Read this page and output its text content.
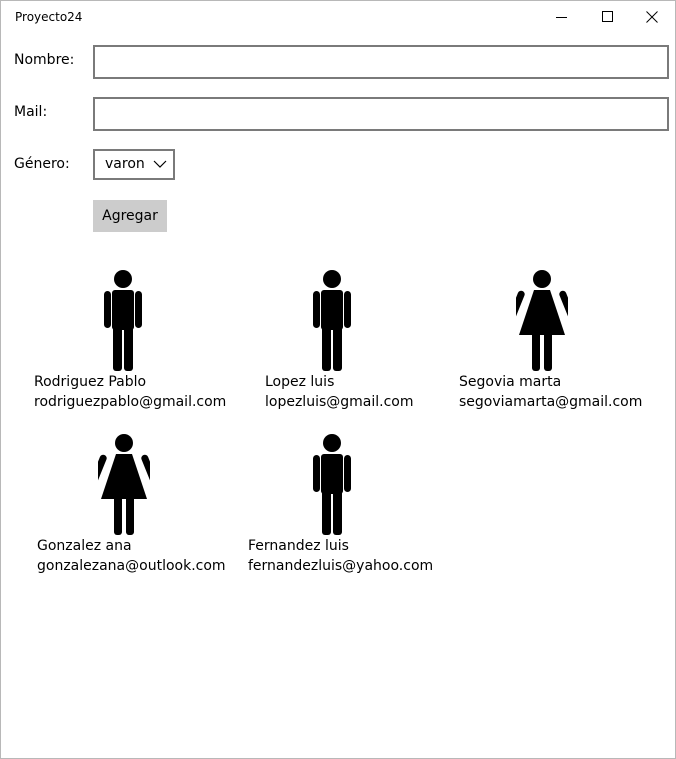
Proyecto24
Nombre:
Mail:
Género:	varon
Agregar
Rodriguez Pablo
rodriguezpablo@gmail.com
Lopez luis
lopezluis@gmail.com
Segovia marta
segoviamarta@gmail.com
Gonzalez ana
gonzalezana@outlook.com
Fernandez luis
fernandezluis@yahoo.com
